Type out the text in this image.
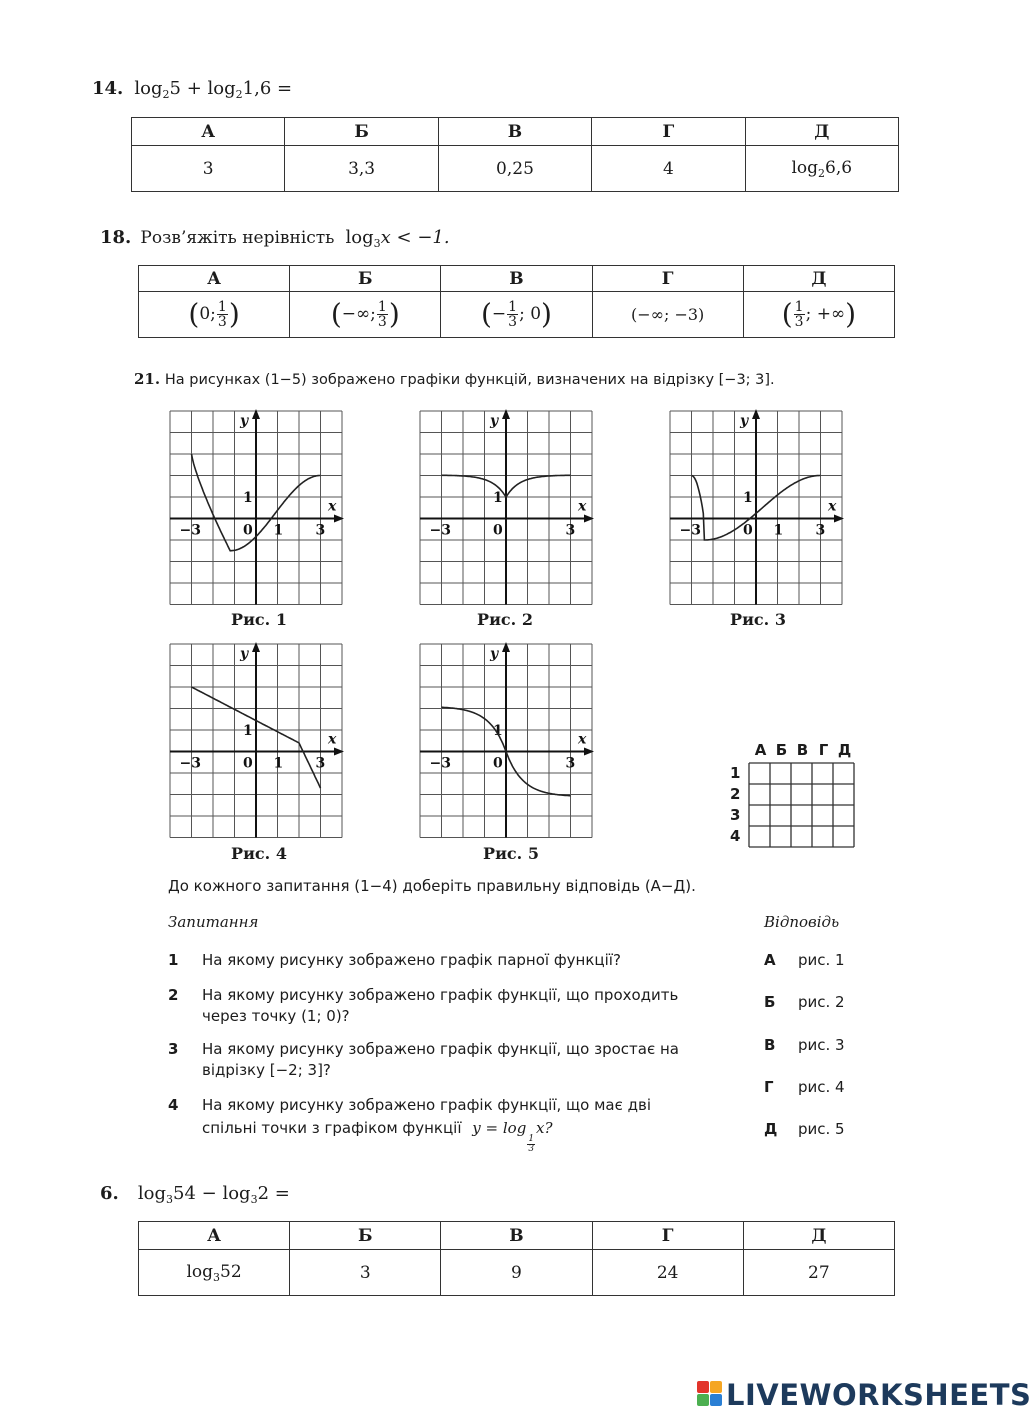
14. $\log_25 + \log_21,6$ =
А	Б	В	Г	Д
3	3,3	0,25	4	$\log_26,6$
18. Розв’яжіть нерівність $\log_3x < -1$.
А	Б	В	Г	Д
(0; $\frac{1}{3}$ )	(−∞; $\frac{1}{3}$ )	(− $\frac{1}{3}$ ; 0)	(−∞; −3)	( $\frac{1}{3}$ ; +∞)
21. На рисунках (1−5) зображено графіки функцій, визначених на відрізку [−3; 3].
y
x
−3	0	3
1
1
y
x
−3	0	3
1
y
x
−3	0	3
1
1
y
x
−3	0	3
1
1
y
x
−3	0	3
1
Рис. 1	Рис. 2	Рис. 3
Рис. 4	Рис. 5
А Б В Г Д
1
2
3
4
До кожного запитання (1−4) доберіть правильну відповідь (А−Д).
Запитання	Відповідь
1 На якому рисунку зображено графік парної функції?
2 На якому рисунку зображено графік функції, що проходить
через точку (1; 0)?
3 На якому рисунку зображено графік функції, що зростає на
відрізку [−2; 3]?
4 На якому рисунку зображено графік функції, що має дві
спільні точки з графіком функції y = log
$\frac{1}{3}$
x?
А рис. 1
Б рис. 2
В рис. 3
Г рис. 4
Д рис. 5
6. $\log_354 - \log_32$ =
А	Б	В	Г	Д
$\log_352$	3	9	24	27
LIVEWORKSHEETS
